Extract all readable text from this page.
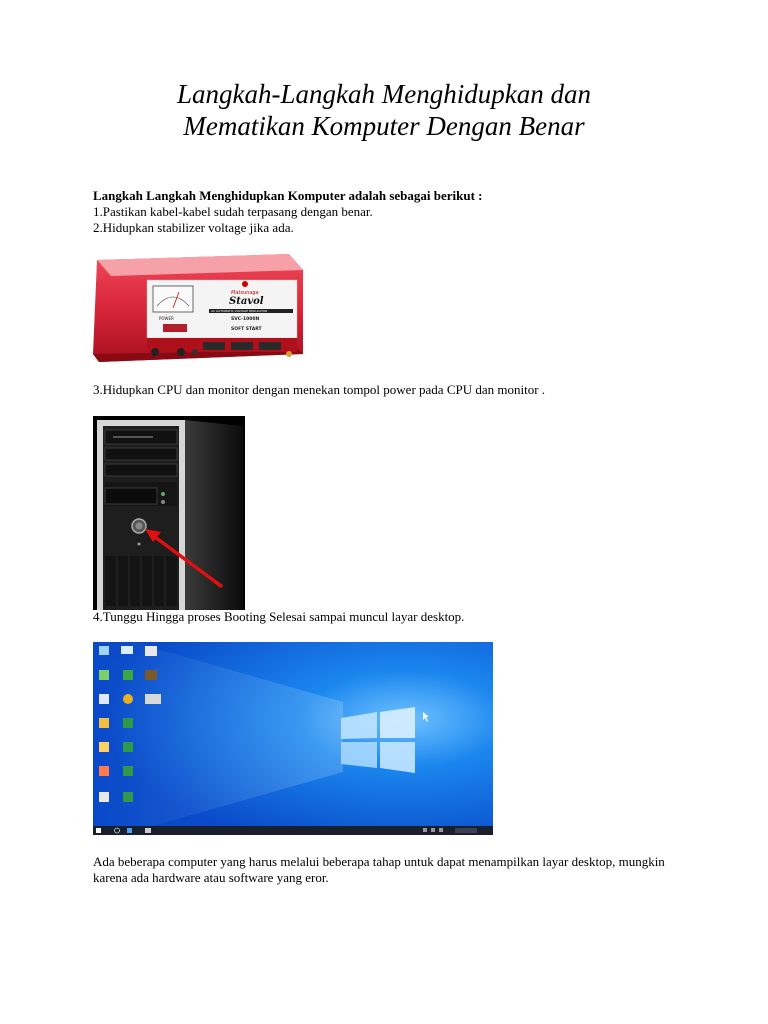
Langkah-Langkah Menghidupkan dan
Mematikan Komputer Dengan Benar
Langkah Langkah Menghidupkan Komputer adalah sebagai berikut :
1.Pastikan kabel-kabel sudah terpasang dengan benar.
2.Hidupkan stabilizer voltage jika ada.
POWER
Matsunaga
Stavol
AC AUTOMATIC VOLTAGE REGULATOR
SVC-1000N
SOFT START
3.Hidupkan CPU dan monitor dengan menekan tompol power pada CPU dan monitor .
4.Tunggu Hingga proses Booting Selesai sampai muncul layar desktop.
Ada beberapa computer yang harus melalui beberapa tahap untuk dapat menampilkan layar desktop, mungkin karena ada hardware atau software yang eror.
